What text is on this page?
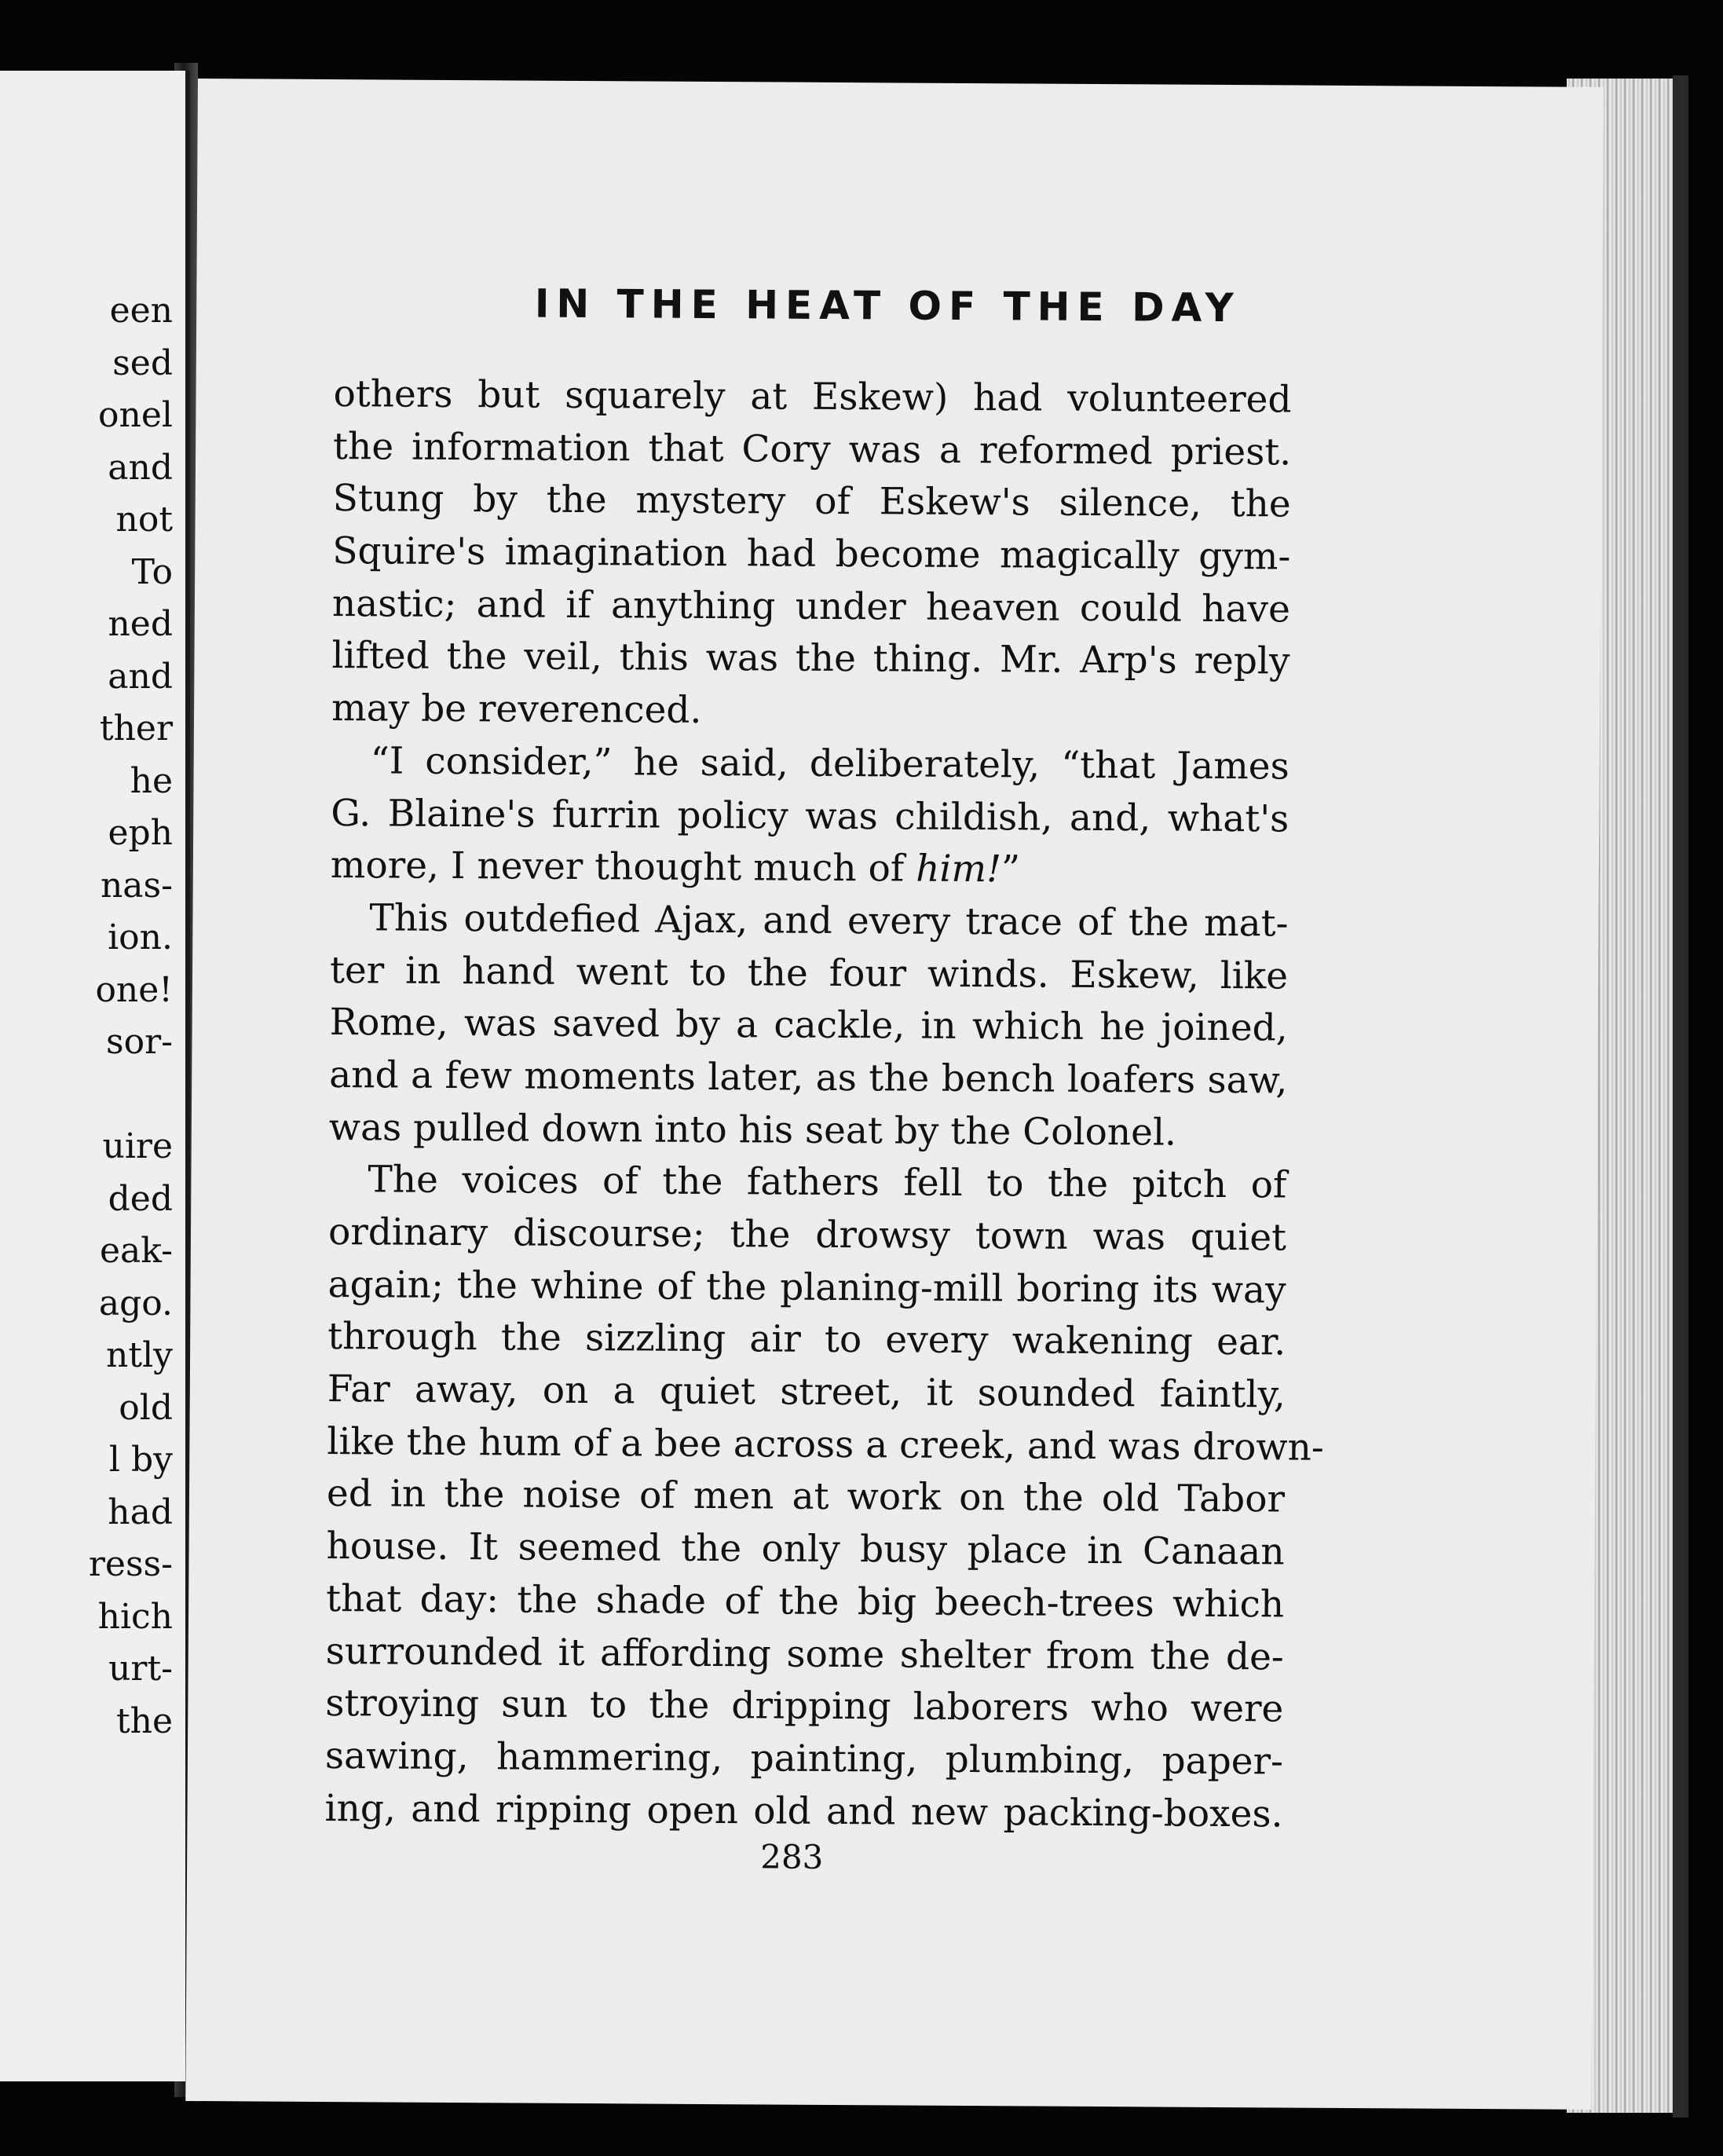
een
sed
onel
and
not
To
ned
and
ther
he
eph
nas-
ion.
one!
sor-
uire
ded
eak-
ago.
ntly
old
l by
had
ress-
hich
urt-
the
IN THE HEAT OF THE DAY
others but squarely at Eskew) had volunteered
the information that Cory was a reformed priest.
Stung by the mystery of Eskew's silence, the
Squire's imagination had become magically gym-
nastic; and if anything under heaven could have
lifted the veil, this was the thing. Mr. Arp's reply
may be reverenced.
“I consider,” he said, deliberately, “that James
G. Blaine's furrin policy was childish, and, what's
more, I never thought much of him!”
This outdefied Ajax, and every trace of the mat-
ter in hand went to the four winds. Eskew, like
Rome, was saved by a cackle, in which he joined,
and a few moments later, as the bench loafers saw,
was pulled down into his seat by the Colonel.
The voices of the fathers fell to the pitch of
ordinary discourse; the drowsy town was quiet
again; the whine of the planing-mill boring its way
through the sizzling air to every wakening ear.
Far away, on a quiet street, it sounded faintly,
like the hum of a bee across a creek, and was drown-
ed in the noise of men at work on the old Tabor
house. It seemed the only busy place in Canaan
that day: the shade of the big beech-trees which
surrounded it affording some shelter from the de-
stroying sun to the dripping laborers who were
sawing, hammering, painting, plumbing, paper-
ing, and ripping open old and new packing-boxes.
283
